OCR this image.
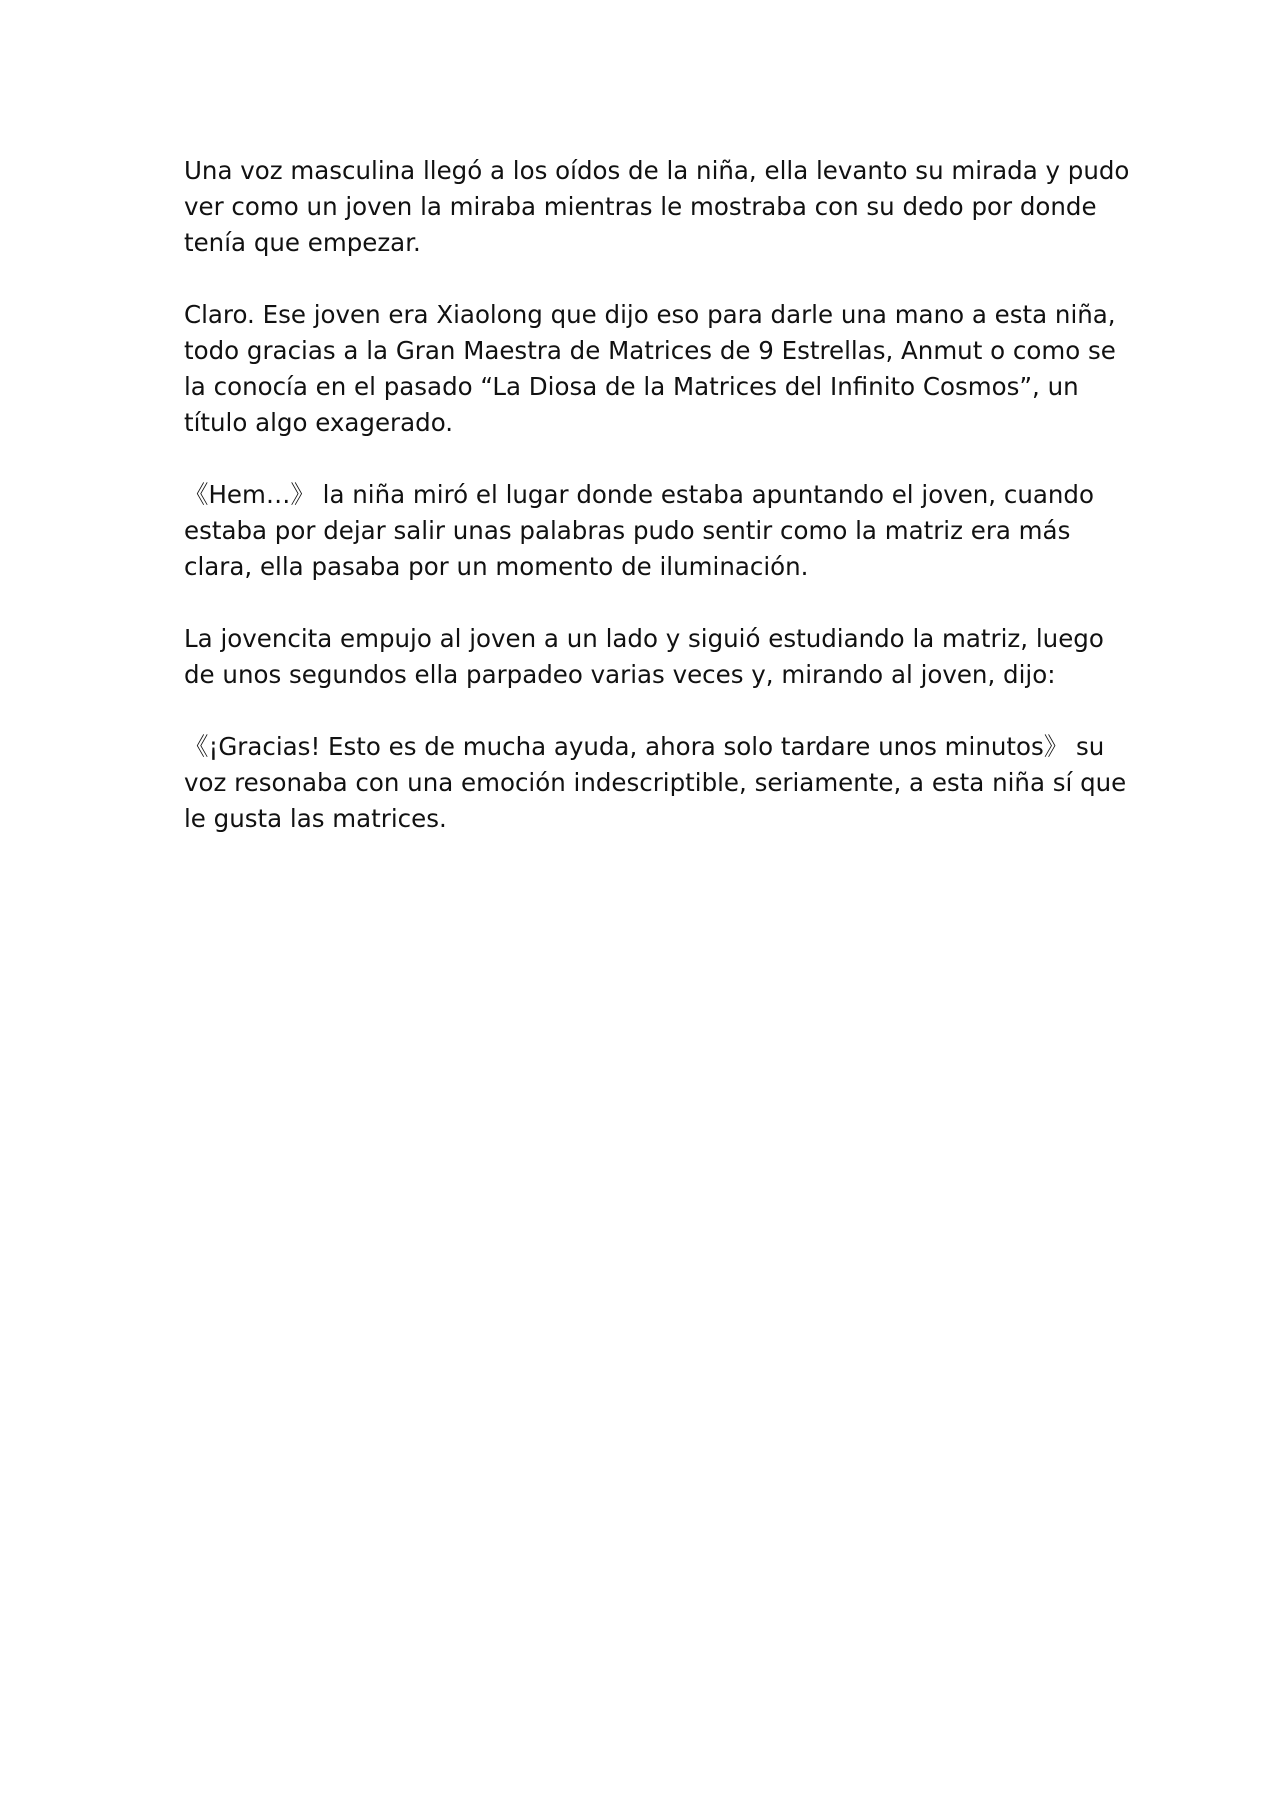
Una voz masculina llegó a los oídos de la niña, ella levanto su mirada y pudo
ver como un joven la miraba mientras le mostraba con su dedo por donde
tenía que empezar.
Claro. Ese joven era Xiaolong que dijo eso para darle una mano a esta niña,
todo gracias a la Gran Maestra de Matrices de 9 Estrellas, Anmut o como se
la conocía en el pasado “La Diosa de la Matrices del Infinito Cosmos”, un
título algo exagerado.
《Hem…》 la niña miró el lugar donde estaba apuntando el joven, cuando
estaba por dejar salir unas palabras pudo sentir como la matriz era más
clara, ella pasaba por un momento de iluminación.
La jovencita empujo al joven a un lado y siguió estudiando la matriz, luego
de unos segundos ella parpadeo varias veces y, mirando al joven, dijo:
《¡Gracias! Esto es de mucha ayuda, ahora solo tardare unos minutos》 su
voz resonaba con una emoción indescriptible, seriamente, a esta niña sí que
le gusta las matrices.
